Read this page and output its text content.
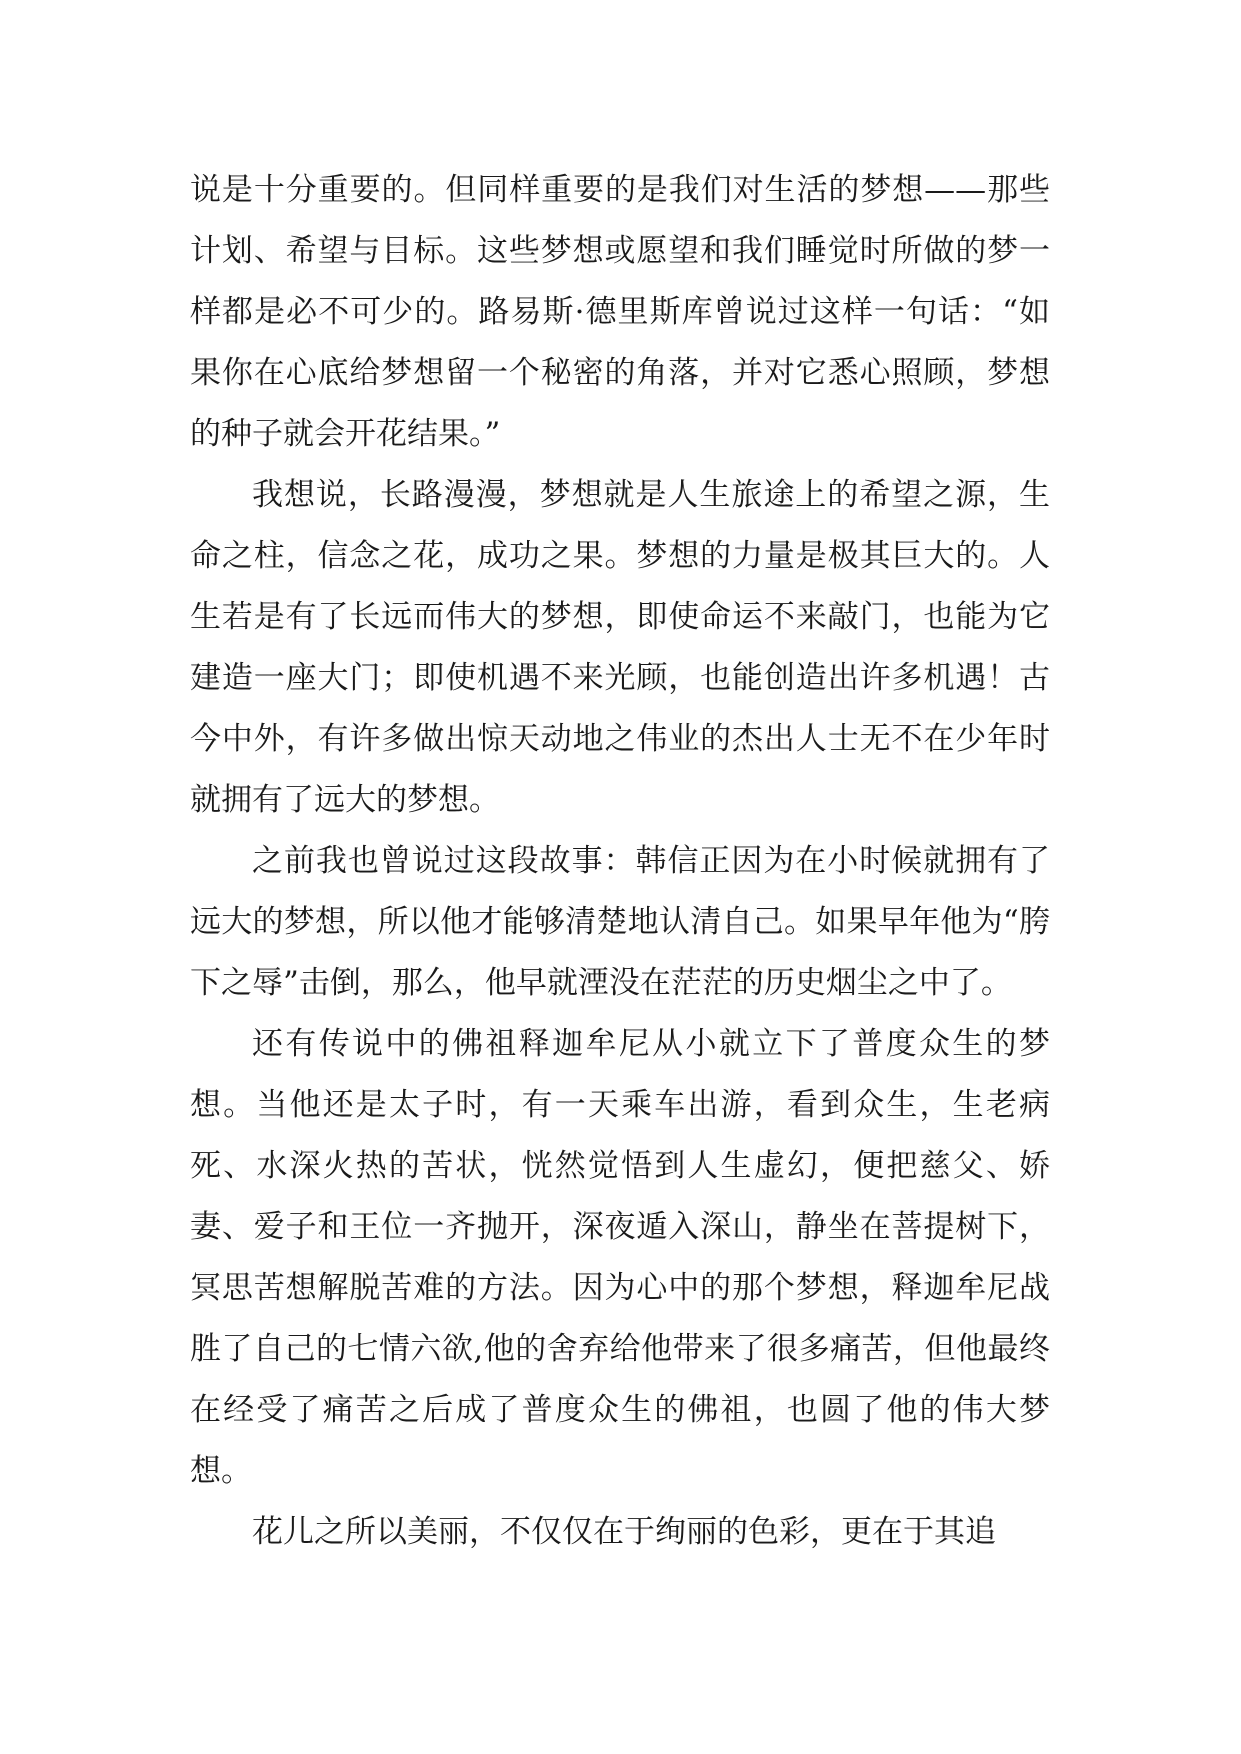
说是十分重要的。但同样重要的是我们对生活的梦想——那些计划、希望与目标。这些梦想或愿望和我们睡觉时所做的梦一样都是必不可少的。路易斯·德里斯库曾说过这样一句话：“如果你在心底给梦想留一个秘密的角落，并对它悉心照顾，梦想的种子就会开花结果。”

我想说，长路漫漫，梦想就是人生旅途上的希望之源，生命之柱，信念之花，成功之果。梦想的力量是极其巨大的。人生若是有了长远而伟大的梦想，即使命运不来敲门，也能为它建造一座大门；即使机遇不来光顾，也能创造出许多机遇！古今中外，有许多做出惊天动地之伟业的杰出人士无不在少年时就拥有了远大的梦想。

之前我也曾说过这段故事：韩信正因为在小时候就拥有了远大的梦想，所以他才能够清楚地认清自己。如果早年他为“胯下之辱”击倒，那么，他早就湮没在茫茫的历史烟尘之中了。

还有传说中的佛祖释迦牟尼从小就立下了普度众生的梦想。当他还是太子时，有一天乘车出游，看到众生，生老病死、水深火热的苦状，恍然觉悟到人生虚幻，便把慈父、娇妻、爱子和王位一齐抛开，深夜遁入深山，静坐在菩提树下，冥思苦想解脱苦难的方法。因为心中的那个梦想，释迦牟尼战胜了自己的七情六欲,他的舍弃给他带来了很多痛苦，但他最终在经受了痛苦之后成了普度众生的佛祖，也圆了他的伟大梦想。

花儿之所以美丽，不仅仅在于绚丽的色彩，更在于其追
